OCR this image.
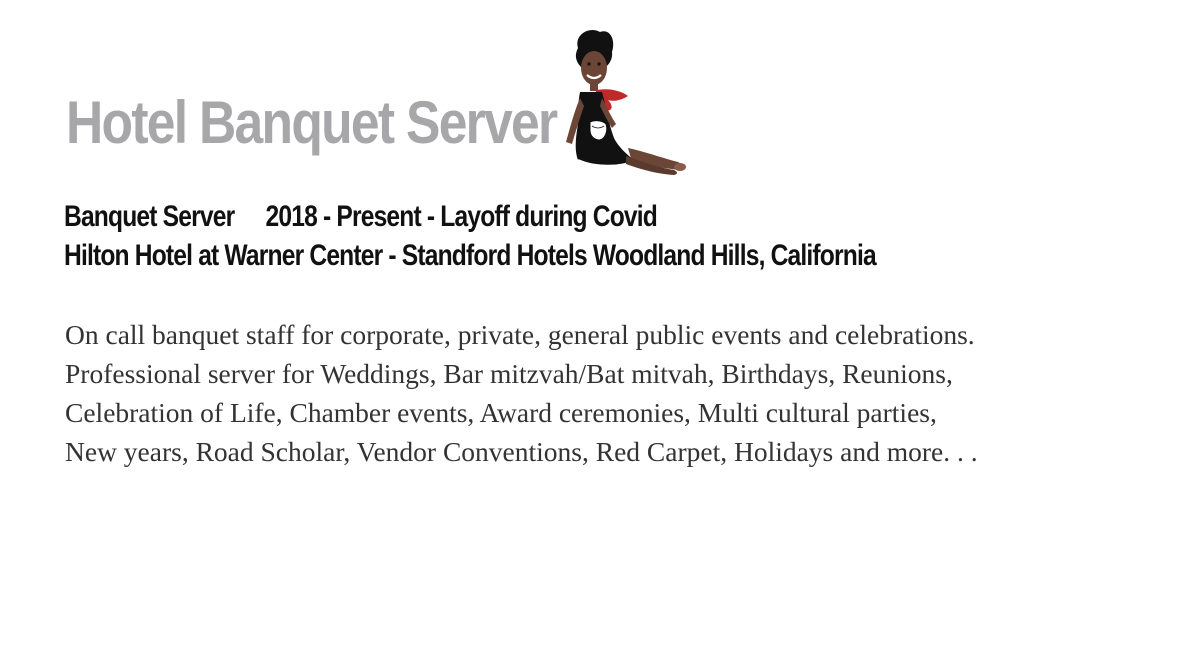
Hotel Banquet Server
Banquet Server 2018 - Present - Layoff during Covid
Hilton Hotel at Warner Center - Standford Hotels Woodland Hills, California

On call banquet staff for corporate, private, general public events and celebrations.
Professional server for Weddings, Bar mitzvah/Bat mitvah, Birthdays, Reunions,
Celebration of Life, Chamber events, Award ceremonies, Multi cultural parties,
New years, Road Scholar, Vendor Conventions, Red Carpet, Holidays and more. . .
